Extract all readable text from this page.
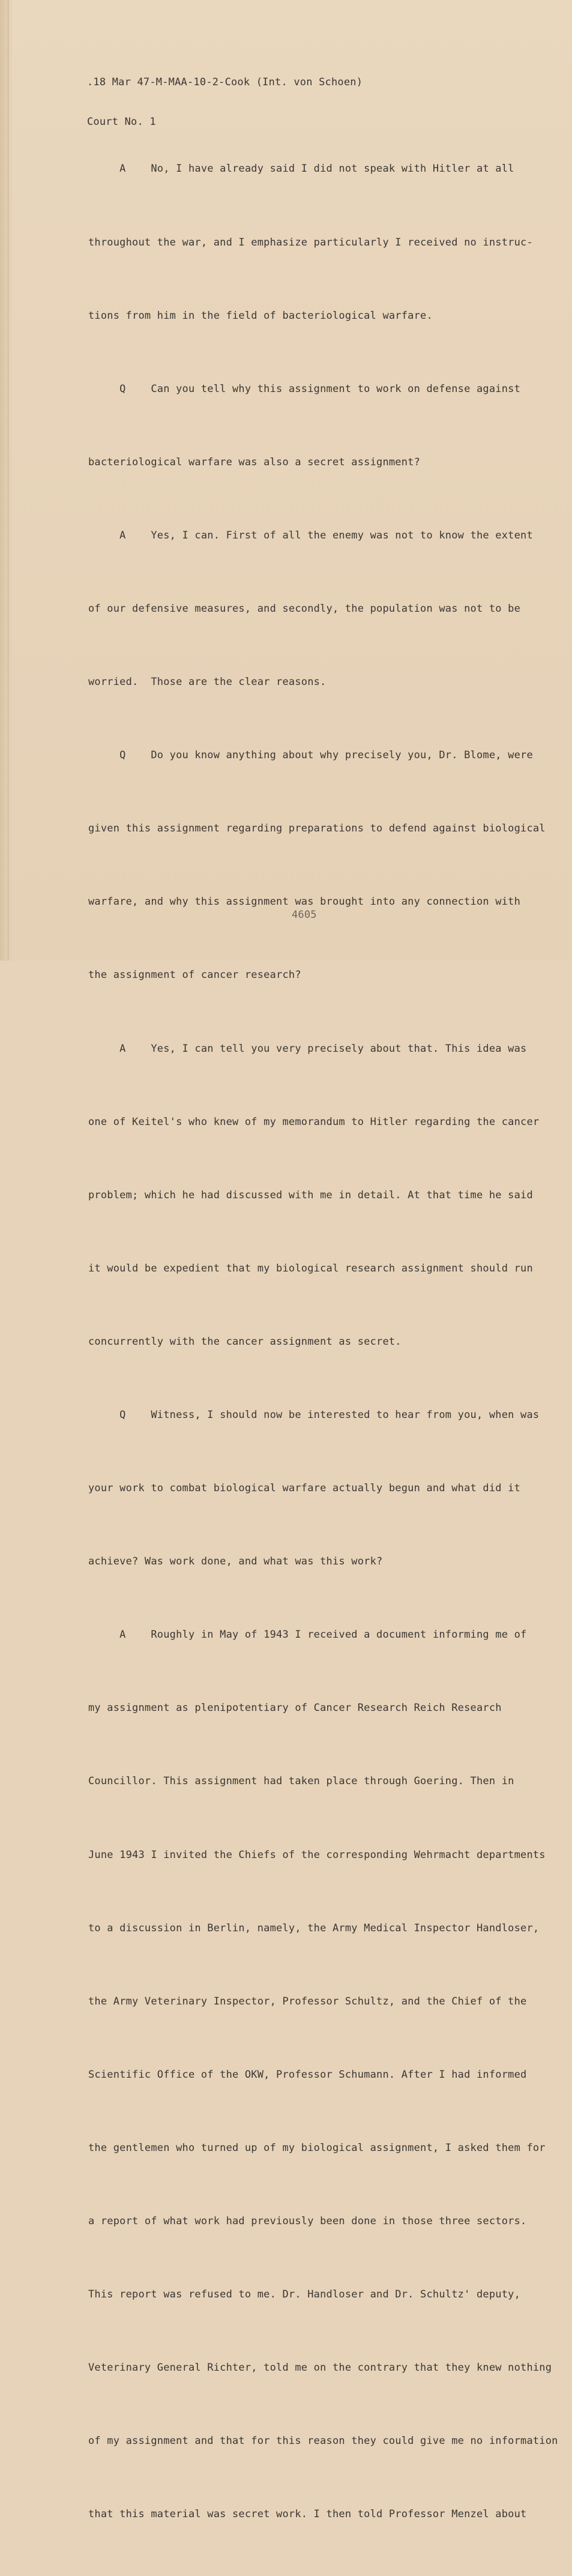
.18 Mar 47-M-MAA-10-2-Cook (Int. von Schoen)

Court No. 1

A    No, I have already said I did not speak with Hitler at all

throughout the war, and I emphasize particularly I received no instruc-

tions from him in the field of bacteriological warfare.

Q    Can you tell why this assignment to work on defense against

bacteriological warfare was also a secret assignment?

A    Yes, I can. First of all the enemy was not to know the extent

of our defensive measures, and secondly, the population was not to be

worried.  Those are the clear reasons.

Q    Do you know anything about why precisely you, Dr. Blome, were

given this assignment regarding preparations to defend against biological

warfare, and why this assignment was brought into any connection with

the assignment of cancer research?

A    Yes, I can tell you very precisely about that. This idea was

one of Keitel's who knew of my memorandum to Hitler regarding the cancer

problem; which he had discussed with me in detail. At that time he said

it would be expedient that my biological research assignment should run

concurrently with the cancer assignment as secret.

Q    Witness, I should now be interested to hear from you, when was

your work to combat biological warfare actually begun and what did it

achieve? Was work done, and what was this work?

A    Roughly in May of 1943 I received a document informing me of

my assignment as plenipotentiary of Cancer Research Reich Research

Councillor. This assignment had taken place through Goering. Then in

June 1943 I invited the Chiefs of the corresponding Wehrmacht departments

to a discussion in Berlin, namely, the Army Medical Inspector Handloser,

the Army Veterinary Inspector, Professor Schultz, and the Chief of the

Scientific Office of the OKW, Professor Schumann. After I had informed

the gentlemen who turned up of my biological assignment, I asked them for

a report of what work had previously been done in those three sectors.

This report was refused to me. Dr. Handloser and Dr. Schultz' deputy,

Veterinary General Richter, told me on the contrary that they knew nothing

of my assignment and that for this reason they could give me no information

that this material was secret work. I then told Professor Menzel about

4605
